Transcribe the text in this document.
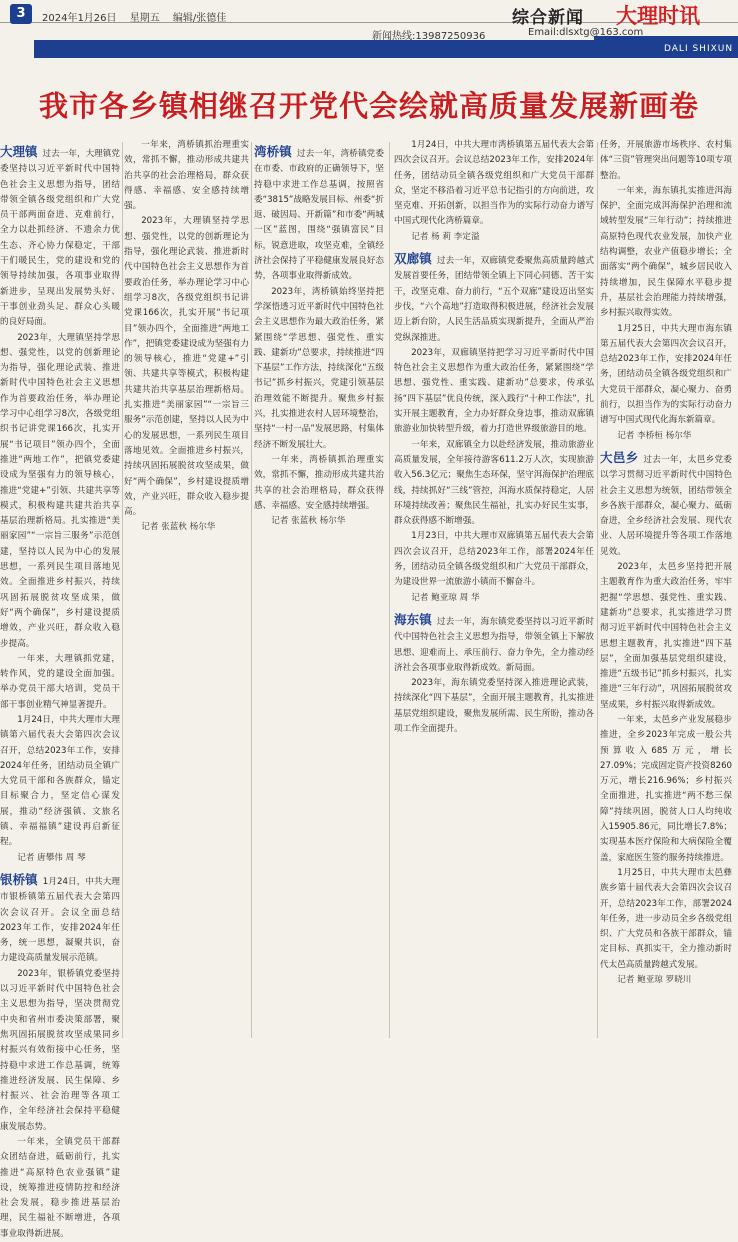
3	2024年1月26日 星期五 编辑/张德佳	综合新闻 大理时讯
新闻热线:13987250936	Email:dlsxtg@163.com
DALI SHIXUN
我市各乡镇相继召开党代会绘就高质量发展新画卷

大理镇 过去一年，大理镇党委坚持以习近平新时代中国特色社会主义思想为指导，团结带领全镇各级党组织和广大党员干部两面奋进、克难前行，全力以赴抓经济、不遗余力优生态、齐心协力保稳定，干部干们暖民生，党的建设和党的领导持续加强，各项事业取得新进步，呈现出发展势头好、干事创业劲头足、群众心头暖的良好局面。

2023年，大理镇坚持学思想、强党性，以党的创新理论为指导，强化理论武装、推进新时代中国特色社会主义思想作为首要政治任务，举办理论学习中心组学习8次，各级党组织书记讲党课166次，扎实开展“书记项目”领办四个，全面推进“两地工作”，把镇党委建设成为坚强有力的领导核心，推进“党建+”引领、共建共享等模式，积极构建共建共治共享基层治理新格局。扎实推进“美丽家园”“一宗旨三服务”示范创建，坚持以人民为中心的发展思想，一系列民生项目落地见效。全面推进乡村振兴，持续巩固拓展脱贫攻坚成果，做好“两个确保”，乡村建设提质增效，产业兴旺，群众收入稳步提高。

一年来，大理镇抓党建，转作风，党的建设全面加强。举办党员干部大培训，党员干部干事创业精气神显著提升。

1月24日，中共大理市大理镇第六届代表大会第四次会议召开，总结2023年工作，安排2024年任务，团结动员全镇广大党员干部和各族群众，锚定目标聚合力，坚定信心谋发展，推动“经济强镇、文旅名镇、幸福福镇”建设再启新征程。

记者 唐攀伟 周 琴

银桥镇 1月24日，中共大理市银桥镇第五届代表大会第四次会议召开。会议全面总结2023年工作，安排2024年任务，统一思想，凝聚共识，奋力建设高质量发展示范镇。

2023年，银桥镇党委坚持以习近平新时代中国特色社会主义思想为指导，坚决贯彻党中央和省州市委决策部署，聚焦巩固拓展脱贫攻坚成果同乡村振兴有效衔接中心任务，坚持稳中求进工作总基调，统筹推进经济发展、民生保障、乡村振兴、社会治理等各项工作，全年经济社会保持平稳健康发展态势。

一年来，全镇党员干部群众团结奋进，砥砺前行，扎实推进“高原特色农业强镇”建设，统筹推进疫情防控和经济社会发展，稳步推进基层治理，民生福祉不断增进，各项事业取得新进展。

一年来，湾桥镇抓治理重实效，常抓不懈，推动形成共建共治共享的社会治理格局，群众获得感、幸福感、安全感持续增强。

2023年，大理镇坚持学思想、强党性，以党的创新理论为指导，强化理论武装、推进新时代中国特色社会主义思想作为首要政治任务，举办理论学习中心组学习8次，各级党组织书记讲党课166次，扎实开展“书记项目”领办四个，全面推进“两地工作”，把镇党委建设成为坚强有力的领导核心，推进“党建+”引领、共建共享等模式，积极构建共建共治共享基层治理新格局。扎实推进“美丽家园”“一宗旨三服务”示范创建，坚持以人民为中心的发展思想，一系列民生项目落地见效。全面推进乡村振兴，持续巩固拓展脱贫攻坚成果，做好“两个确保”，乡村建设提质增效，产业兴旺，群众收入稳步提高。

记者 张蓝秋 杨尔华

湾桥镇 过去一年，湾桥镇党委在市委、市政府的正确领导下，坚持稳中求进工作总基调，按照省委“3815”战略发展目标、州委“折返、破因局、开新篇”和市委“两城一区”蓝图，围绕“强镇富民”目标，锐意进取，攻坚克难，全镇经济社会保持了平稳健康发展良好态势，各项事业取得新成效。

2023年，湾桥镇始终坚持把学深悟透习近平新时代中国特色社会主义思想作为最大政治任务，紧紧围绕“学思想、强党性、重实践、建新功”总要求，持续推进“四下基层”工作方法，持续深化“五级书记”抓乡村振兴，党建引领基层治理效能不断提升。聚焦乡村振兴，扎实推进农村人居环境整治，坚持“一村一品”发展思路，村集体经济不断发展壮大。

一年来，湾桥镇抓治理重实效，常抓不懈，推动形成共建共治共享的社会治理格局，群众获得感、幸福感、安全感持续增强。

记者 张蓝秋 杨尔华

1月24日，中共大理市湾桥镇第五届代表大会第四次会议召开。会议总结2023年工作，安排2024年任务，团结动员全镇各级党组织和广大党员干部群众，坚定不移沿着习近平总书记指引的方向前进，攻坚克难、开拓创新，以担当作为的实际行动奋力谱写中国式现代化湾桥篇章。

记者 杨 莉 李定溢

双廊镇 过去一年，双廊镇党委聚焦高质量跨越式发展首要任务，团结带领全镇上下同心同德、苦干实干，改坚克难、奋力前行，“五个双廊”建设迈出坚实步伐，“六个高地”打造取得积极进展，经济社会发展迈上新台阶，人民生活品质实现新提升，全面从严治党纵深推进。

2023年，双廊镇坚持把学习习近平新时代中国特色社会主义思想作为重大政治任务，紧紧围绕“学思想、强党性、重实践、建新功”总要求，传承弘扬“四下基层”优良传统，深入践行“十种工作法”，扎实开展主题教育，全力办好群众身边事，推动双廊镇旅游业加快转型升级，着力打造世界级旅游目的地。

一年来，双廊镇全力以赴经济发展，推动旅游业高质量发展，全年接待游客611.2万人次，实现旅游收入56.3亿元；聚焦生态环保，坚守洱海保护治理底线，持续抓好“三线”管控，洱海水质保持稳定，人居环境持续改善；聚焦民生福祉，扎实办好民生实事，群众获得感不断增强。

1月23日，中共大理市双廊镇第五届代表大会第四次会议召开，总结2023年工作，部署2024年任务，团结动员全镇各级党组织和广大党员干部群众，为建设世界一流旅游小镇而不懈奋斗。

记者 鲍亚琼 周 华

海东镇 过去一年，海东镇党委坚持以习近平新时代中国特色社会主义思想为指导，带领全镇上下解放思想、迎难而上、承压前行、奋力争先，全力推动经济社会各项事业取得新成效。新局面。

2023年，海东镇党委坚持深入推进理论武装，持续深化“四下基层”，全面开展主题教育，扎实推进基层党组织建设，聚焦发展所需、民生所盼，推动各项工作全面提升。

任务，开展旅游市场秩序、农村集体“三资”管理突出问题等10项专项整治。

一年来，海东镇扎实推进洱海保护，全面完成洱海保护治理和流域转型发展“三年行动”；持续推进高原特色现代农业发展，加快产业结构调整，农业产值稳步增长；全面落实“两个确保”，城乡居民收入持续增加，民生保障水平稳步提升，基层社会治理能力持续增强，乡村振兴取得实效。

1月25日，中共大理市海东镇第五届代表大会第四次会议召开，总结2023年工作，安排2024年任务，团结动员全镇各级党组织和广大党员干部群众，凝心聚力、奋勇前行，以担当作为的实际行动奋力谱写中国式现代化海东新篇章。

记者 李桥桓 杨尔华

大邑乡 过去一年，太邑乡党委以学习贯彻习近平新时代中国特色社会主义思想为统领，团结带领全乡各族干部群众，凝心聚力、砥砺奋进，全乡经济社会发展、现代农业、人居环境提升等各项工作落地见效。

2023年，太邑乡坚持把开展主题教育作为重大政治任务，牢牢把握“学思想、强党性、重实践、建新功”总要求，扎实推进学习贯彻习近平新时代中国特色社会主义思想主题教育，扎实推进“四下基层”，全面加强基层党组织建设，推进“五级书记”抓乡村振兴，扎实推进“三年行动”，巩固拓展脱贫攻坚成果，乡村振兴取得新成效。

一年来，太邑乡产业发展稳步推进，全乡2023年完成一般公共预算收入685万元，增长27.09%；完成固定资产投资8260万元，增长216.96%；乡村振兴全面推进，扎实推进“两不愁三保障”持续巩固，脱贫人口人均纯收入15905.86元，同比增长7.8%；实现基本医疗保险和大病保险全覆盖，家庭医生签约服务持续推进。

1月25日，中共大理市太邑彝族乡第十届代表大会第四次会议召开，总结2023年工作，部署2024年任务，进一步动员全乡各级党组织、广大党员和各族干部群众，锚定目标、真抓实干，全力推动新时代太邑高质量跨越式发展。

记者 鲍亚琼 罗晓川
